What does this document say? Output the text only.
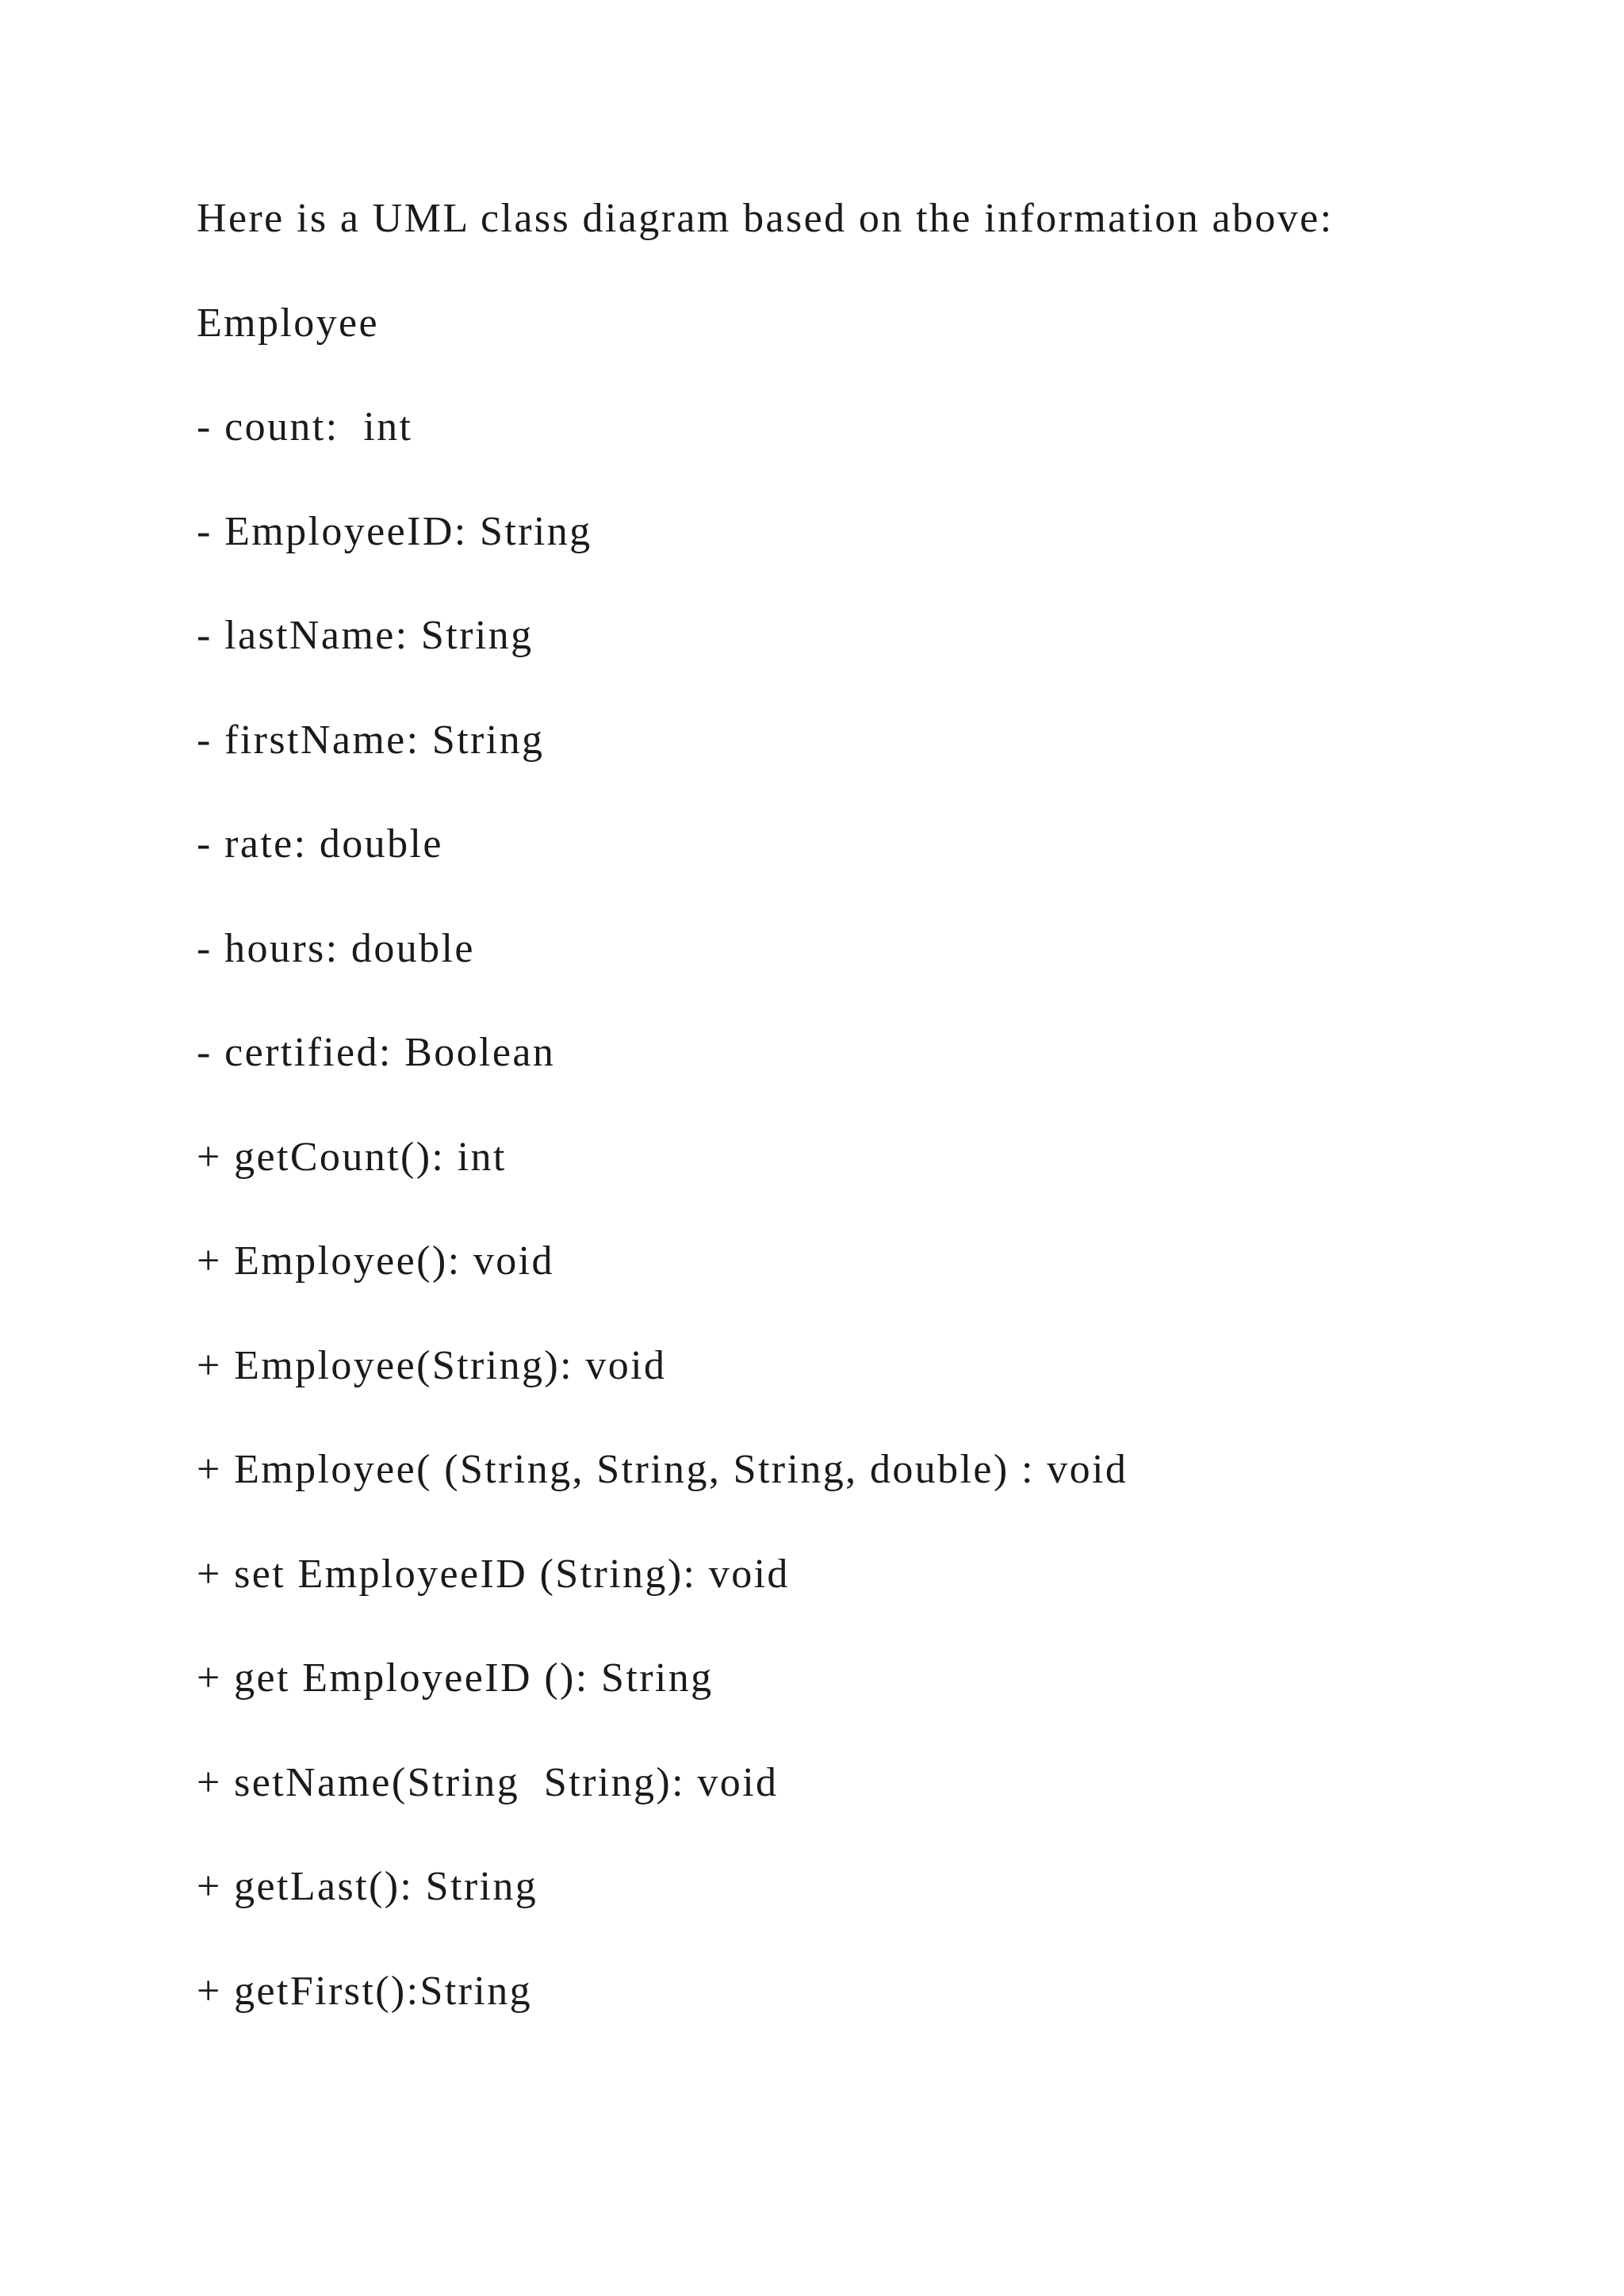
Here is a UML class diagram based on the information above:

Employee

- count:  int

- EmployeeID: String

- lastName: String

- firstName: String

- rate: double

- hours: double

- certified: Boolean

+ getCount(): int

+ Employee(): void

+ Employee(String): void

+ Employee( (String, String, String, double) : void

+ set EmployeeID (String): void

+ get EmployeeID (): String

+ setName(String  String): void

+ getLast(): String

+ getFirst():String
